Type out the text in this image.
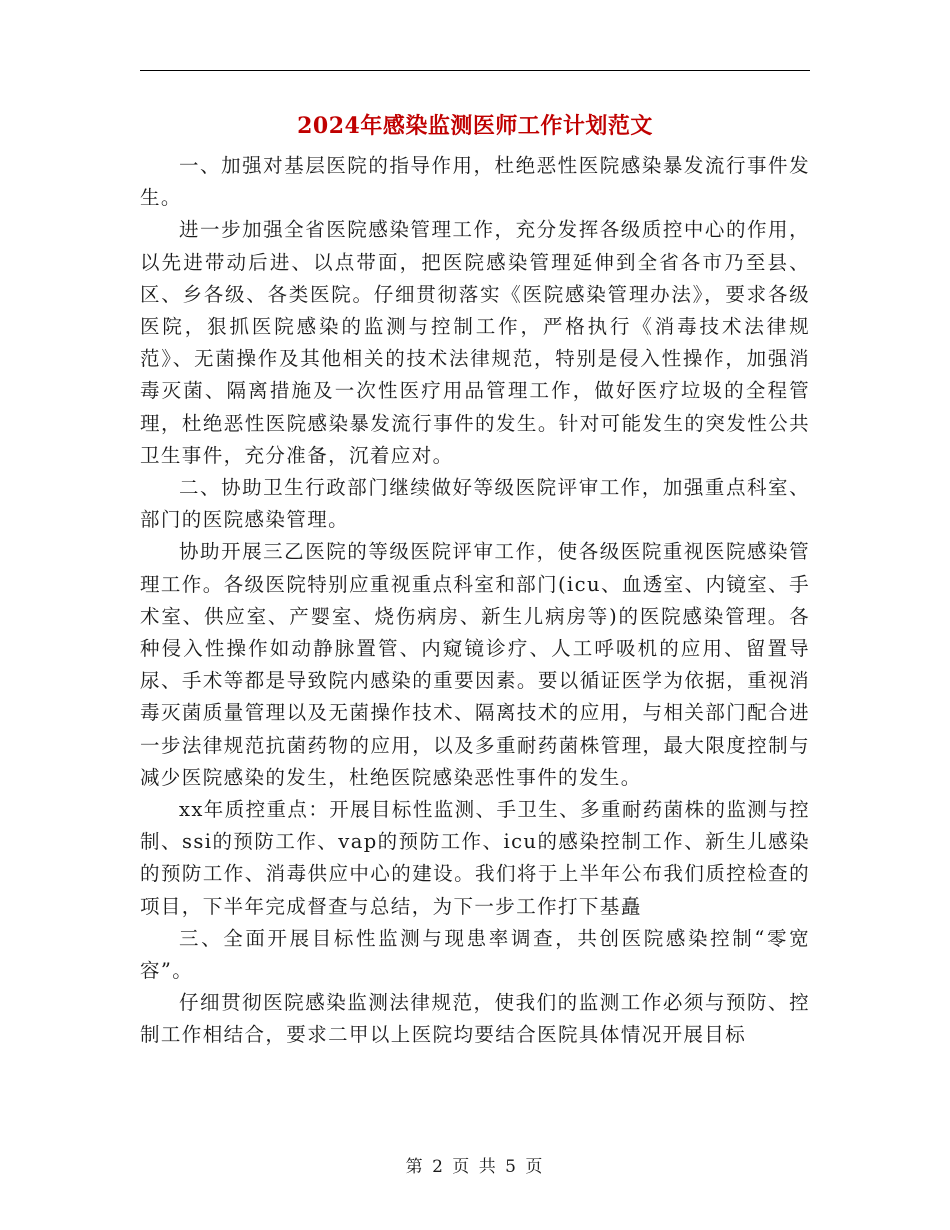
2024年感染监测医师工作计划范文

一、加强对基层医院的指导作用，杜绝恶性医院感染暴发流行事件发生。

进一步加强全省医院感染管理工作，充分发挥各级质控中心的作用，以先进带动后进、以点带面，把医院感染管理延伸到全省各市乃至县、区、乡各级、各类医院。仔细贯彻落实《医院感染管理办法》，要求各级医院，狠抓医院感染的监测与控制工作，严格执行《消毒技术法律规范》、无菌操作及其他相关的技术法律规范，特别是侵入性操作，加强消毒灭菌、隔离措施及一次性医疗用品管理工作，做好医疗垃圾的全程管理，杜绝恶性医院感染暴发流行事件的发生。针对可能发生的突发性公共卫生事件，充分准备，沉着应对。

二、协助卫生行政部门继续做好等级医院评审工作，加强重点科室、部门的医院感染管理。

协助开展三乙医院的等级医院评审工作，使各级医院重视医院感染管理工作。各级医院特别应重视重点科室和部门(icu、血透室、内镜室、手术室、供应室、产婴室、烧伤病房、新生儿病房等)的医院感染管理。各种侵入性操作如动静脉置管、内窥镜诊疗、人工呼吸机的应用、留置导尿、手术等都是导致院内感染的重要因素。要以循证医学为依据，重视消毒灭菌质量管理以及无菌操作技术、隔离技术的应用，与相关部门配合进一步法律规范抗菌药物的应用，以及多重耐药菌株管理，最大限度控制与减少医院感染的发生，杜绝医院感染恶性事件的发生。

xx年质控重点：开展目标性监测、手卫生、多重耐药菌株的监测与控制、ssi的预防工作、vap的预防工作、icu的感染控制工作、新生儿感染的预防工作、消毒供应中心的建设。我们将于上半年公布我们质控检查的项目，下半年完成督查与总结，为下一步工作打下基矗

三、全面开展目标性监测与现患率调查，共创医院感染控制“零宽容”。

仔细贯彻医院感染监测法律规范，使我们的监测工作必须与预防、控制工作相结合，要求二甲以上医院均要结合医院具体情况开展目标

第 2 页 共 5 页
